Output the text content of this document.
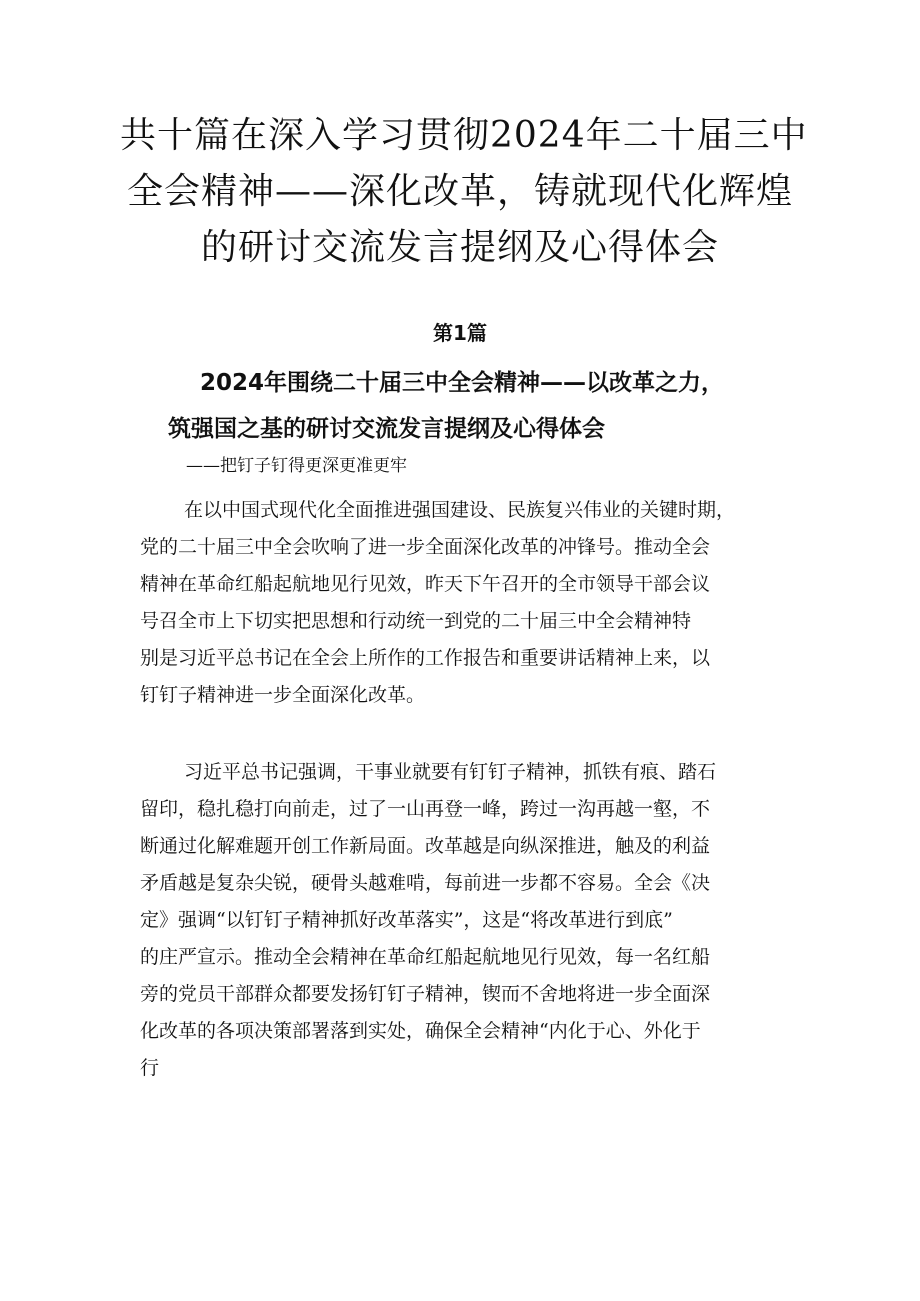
共十篇在深入学习贯彻2024年二十届三中
全会精神——深化改革，铸就现代化辉煌
的研讨交流发言提纲及心得体会
第1篇
2024年围绕二十届三中全会精神——以改革之力，
筑强国之基的研讨交流发言提纲及心得体会

——把钉子钉得更深更准更牢

在以中国式现代化全面推进强国建设、民族复兴伟业的关键时期，
党的二十届三中全会吹响了进一步全面深化改革的冲锋号。推动全会
精神在革命红船起航地见行见效，昨天下午召开的全市领导干部会议
号召全市上下切实把思想和行动统一到党的二十届三中全会精神特
别是习近平总书记在全会上所作的工作报告和重要讲话精神上来，以
钉钉子精神进一步全面深化改革。

习近平总书记强调，干事业就要有钉钉子精神，抓铁有痕、踏石
留印，稳扎稳打向前走，过了一山再登一峰，跨过一沟再越一壑，不
断通过化解难题开创工作新局面。改革越是向纵深推进，触及的利益
矛盾越是复杂尖锐，硬骨头越难啃，每前进一步都不容易。全会《决
定》强调“以钉钉子精神抓好改革落实”，这是“将改革进行到底”
的庄严宣示。推动全会精神在革命红船起航地见行见效，每一名红船
旁的党员干部群众都要发扬钉钉子精神，锲而不舍地将进一步全面深
化改革的各项决策部署落到实处，确保全会精神“内化于心、外化于
行
